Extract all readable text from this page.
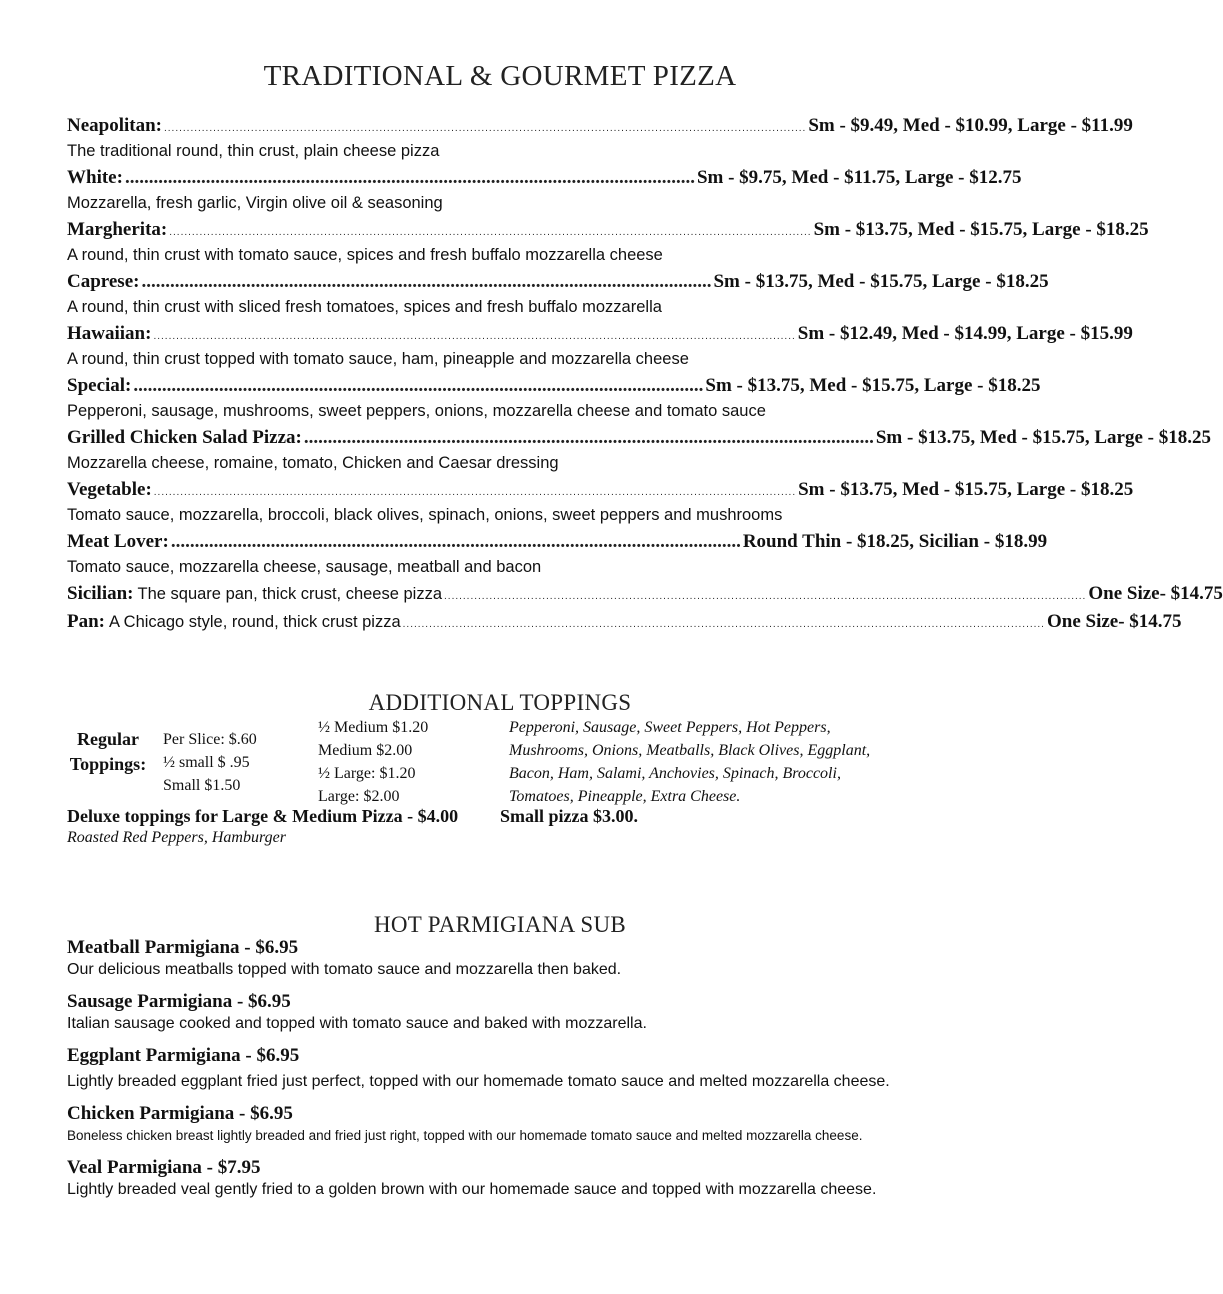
TRADITIONAL & GOURMET PIZZA
Neapolitan: .......................................................................................................................................................................... Sm - $9.49, Med - $10.99, Large - $11.99
The traditional round, thin crust, plain cheese pizza
White: ........................................................................................................................ Sm - $9.75, Med - $11.75, Large - $12.75
Mozzarella, fresh garlic, Virgin olive oil & seasoning
Margherita: .......................................................................................................................................................................... Sm - $13.75, Med - $15.75, Large - $18.25
A round, thin crust with tomato sauce, spices and fresh buffalo mozzarella cheese
Caprese: ........................................................................................................................ Sm - $13.75, Med - $15.75, Large - $18.25
A round, thin crust with sliced fresh tomatoes, spices and fresh buffalo mozzarella
Hawaiian: .......................................................................................................................................................................... Sm - $12.49, Med - $14.99, Large - $15.99
A round, thin crust topped with tomato sauce, ham, pineapple and mozzarella cheese
Special: ........................................................................................................................ Sm - $13.75, Med - $15.75, Large - $18.25
Pepperoni, sausage, mushrooms, sweet peppers, onions, mozzarella cheese and tomato sauce
Grilled Chicken Salad Pizza: ........................................................................................................................ Sm - $13.75, Med - $15.75, Large - $18.25
Mozzarella cheese, romaine, tomato, Chicken and Caesar dressing
Vegetable: .......................................................................................................................................................................... Sm - $13.75, Med - $15.75, Large - $18.25
Tomato sauce, mozzarella, broccoli, black olives, spinach, onions, sweet peppers and mushrooms
Meat Lover: ........................................................................................................................ Round Thin - $18.25, Sicilian - $18.99
Tomato sauce, mozzarella cheese, sausage, meatball and bacon
Sicilian: The square pan, thick crust, cheese pizza .......................................................................................................................................................................... One Size- $14.75
Pan: A Chicago style, round, thick crust pizza .......................................................................................................................................................................... One Size- $14.75
ADDITIONAL TOPPINGS
Regular
Toppings:
Per Slice: $.60
½ small $ .95
Small $1.50
½ Medium $1.20
Medium $2.00
½ Large: $1.20
Large: $2.00
Pepperoni, Sausage, Sweet Peppers, Hot Peppers,
Mushrooms, Onions, Meatballs, Black Olives, Eggplant,
Bacon, Ham, Salami, Anchovies, Spinach, Broccoli,
Tomatoes, Pineapple, Extra Cheese.
Deluxe toppings for Large & Medium Pizza - $4.00 Small pizza $3.00.
Roasted Red Peppers, Hamburger
HOT PARMIGIANA SUB
Meatball Parmigiana - $6.95
Our delicious meatballs topped with tomato sauce and mozzarella then baked.
Sausage Parmigiana - $6.95
Italian sausage cooked and topped with tomato sauce and baked with mozzarella.
Eggplant Parmigiana - $6.95
Lightly breaded eggplant fried just perfect, topped with our homemade tomato sauce and melted mozzarella cheese.
Chicken Parmigiana - $6.95
Boneless chicken breast lightly breaded and fried just right, topped with our homemade tomato sauce and melted mozzarella cheese.
Veal Parmigiana - $7.95
Lightly breaded veal gently fried to a golden brown with our homemade sauce and topped with mozzarella cheese.
